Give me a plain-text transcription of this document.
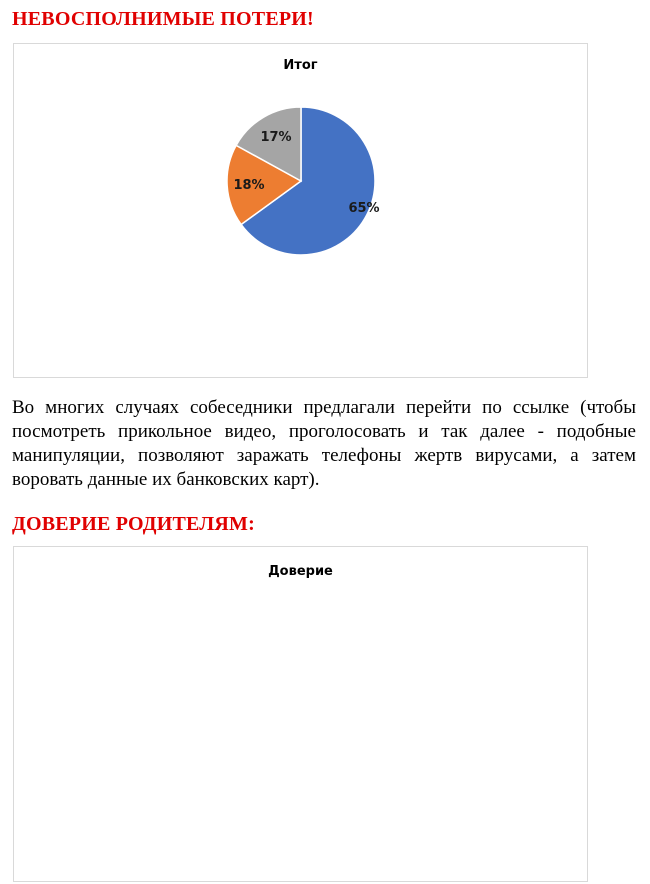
НЕВОСПОЛНИМЫЕ ПОТЕРИ!
Итог
65%
18%
17%
Во многих случаях собеседники предлагали перейти по ссылке (чтобы посмотреть прикольное видео, проголосовать и так далее - подобные манипуляции, позволяют заражать телефоны жертв вирусами, а затем воровать данные их банковских карт).
ДОВЕРИЕ РОДИТЕЛЯМ:
Доверие
